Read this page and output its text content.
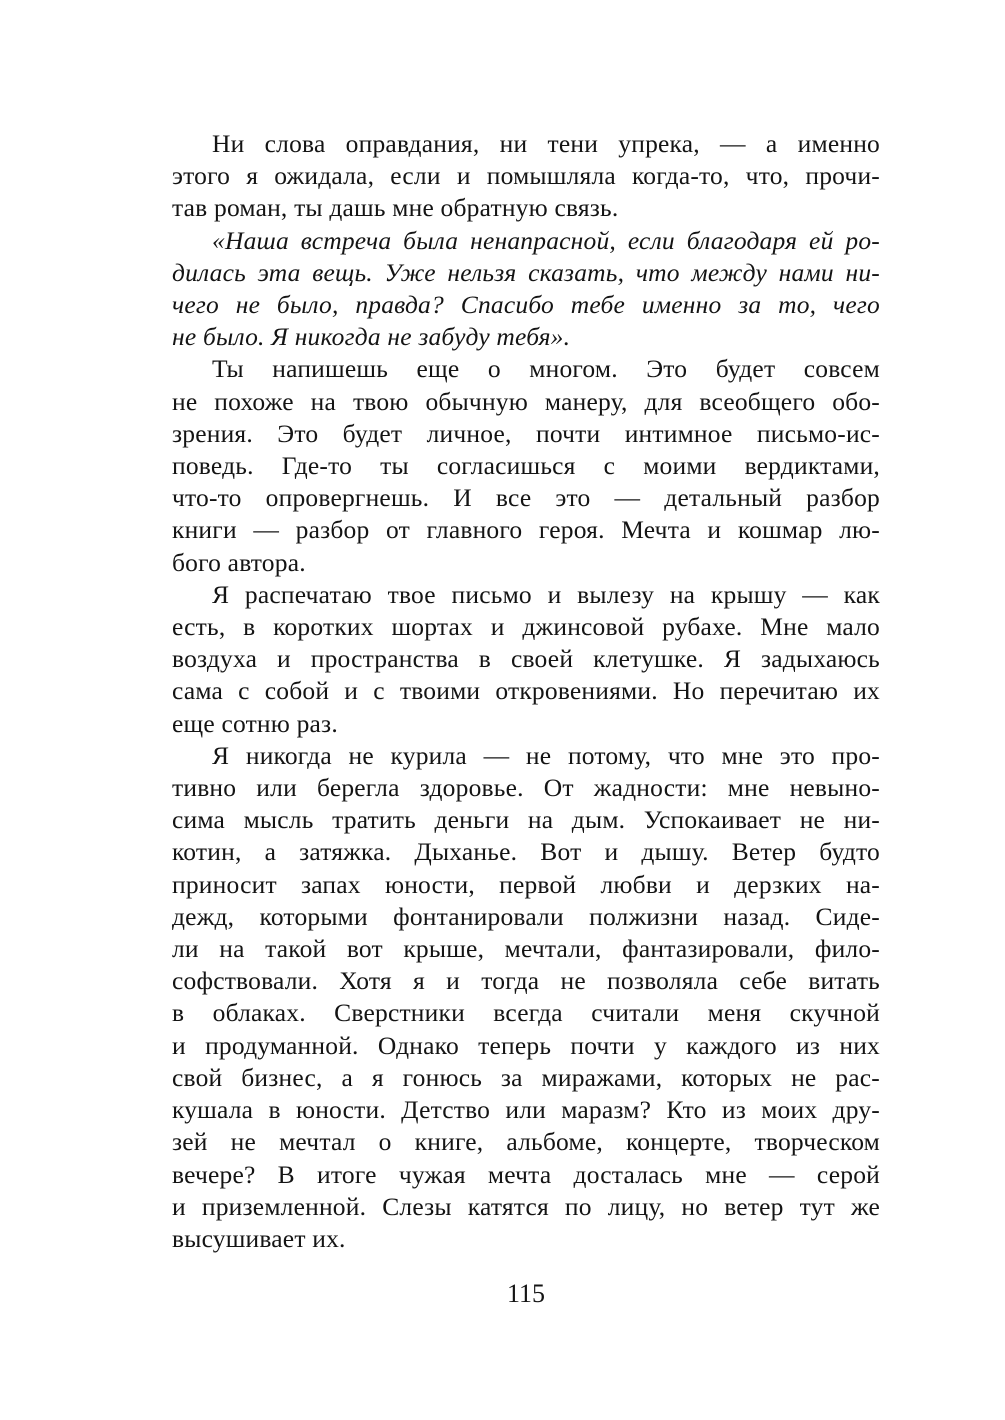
Ни слова оправдания, ни тени упрека, — а именно
этого я ожидала, если и помышляла когда-то, что, прочи-
тав роман, ты дашь мне обратную связь.
«Наша встреча была ненапрасной, если благодаря ей ро-
дилась эта вещь. Уже нельзя сказать, что между нами ни-
чего не было, правда? Спасибо тебе именно за то, чего
не было. Я никогда не забуду тебя».
Ты напишешь еще о многом. Это будет совсем
не похоже на твою обычную манеру, для всеобщего обо-
зрения. Это будет личное, почти интимное письмо-ис-
поведь. Где-то ты согласишься с моими вердиктами,
что-то опровергнешь. И все это — детальный разбор
книги — разбор от главного героя. Мечта и кошмар лю-
бого автора.
Я распечатаю твое письмо и вылезу на крышу — как
есть, в коротких шортах и джинсовой рубахе. Мне мало
воздуха и пространства в своей клетушке. Я задыхаюсь
сама с собой и с твоими откровениями. Но перечитаю их
еще сотню раз.
Я никогда не курила — не потому, что мне это про-
тивно или берегла здоровье. От жадности: мне невыно-
сима мысль тратить деньги на дым. Успокаивает не ни-
котин, а затяжка. Дыханье. Вот и дышу. Ветер будто
приносит запах юности, первой любви и дерзких на-
дежд, которыми фонтанировали полжизни назад. Сиде-
ли на такой вот крыше, мечтали, фантазировали, фило-
софствовали. Хотя я и тогда не позволяла себе витать
в облаках. Сверстники всегда считали меня скучной
и продуманной. Однако теперь почти у каждого из них
свой бизнес, а я гонюсь за миражами, которых не рас-
кушала в юности. Детство или маразм? Кто из моих дру-
зей не мечтал о книге, альбоме, концерте, творческом
вечере? В итоге чужая мечта досталась мне — серой
и приземленной. Слезы катятся по лицу, но ветер тут же
высушивает их.
115
